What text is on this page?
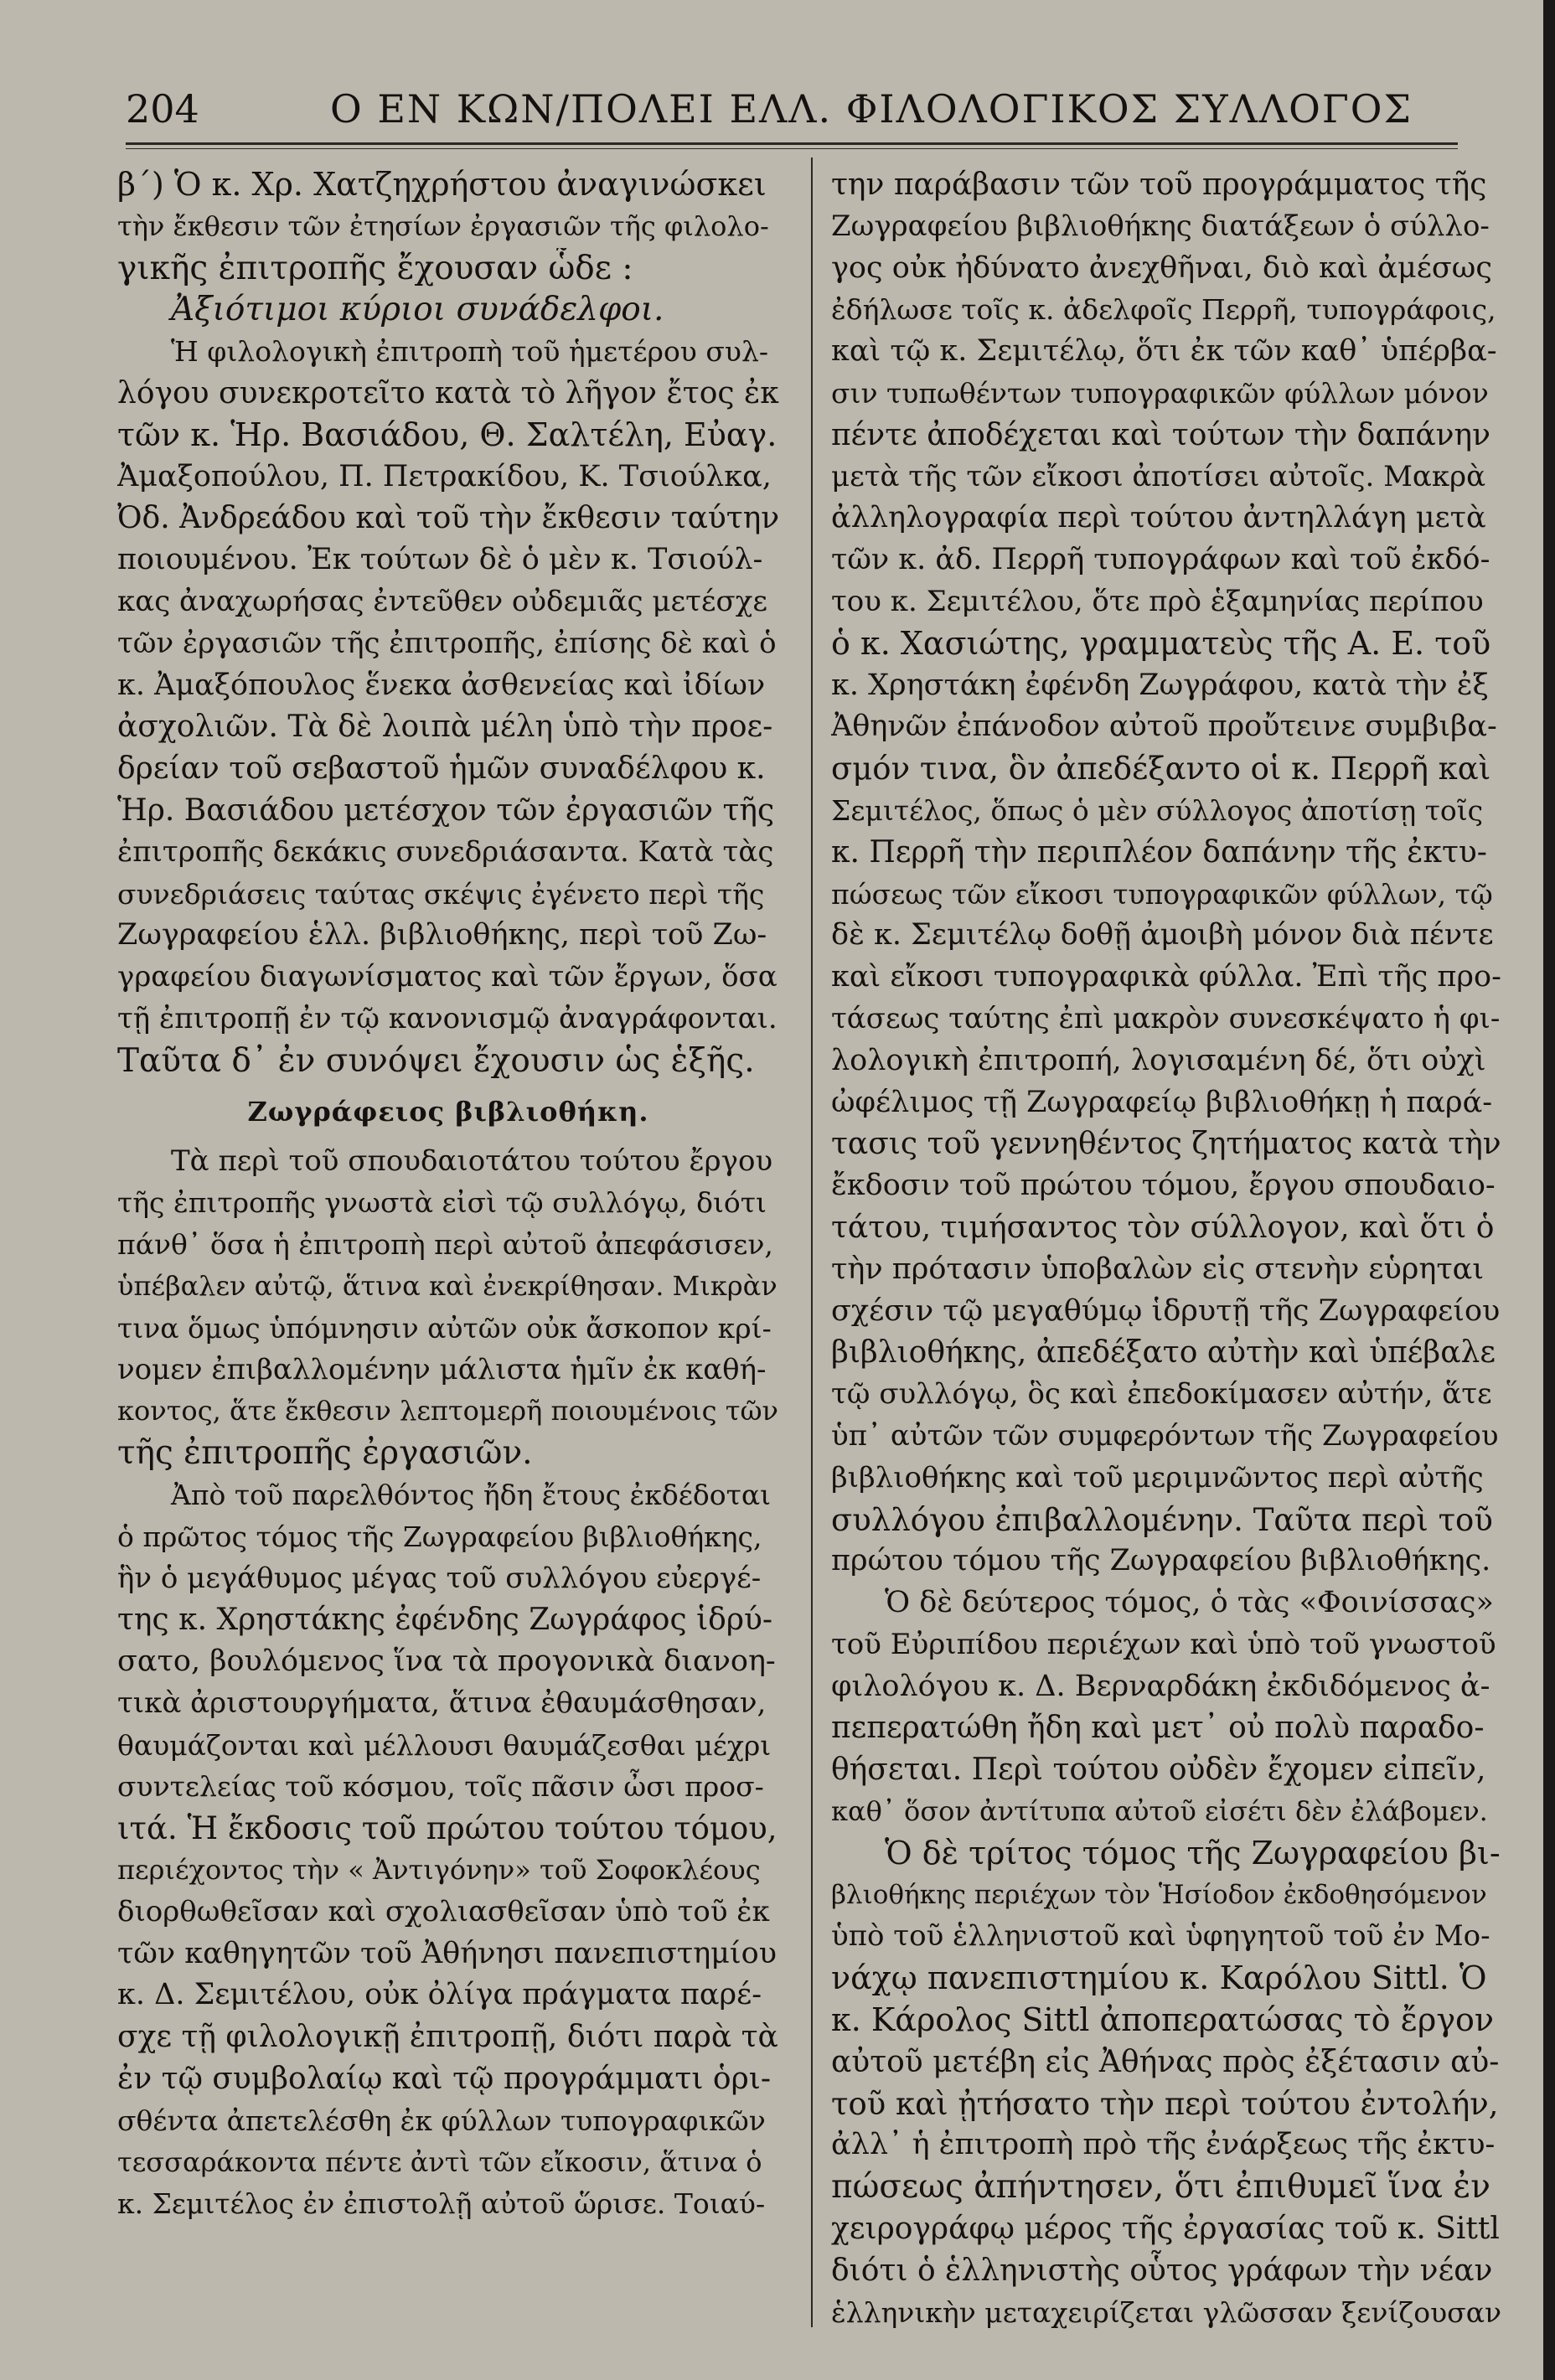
204	Ο ΕΝ ΚΩΝ/ΠΟΛΕΙ ΕΛΛ. ΦΙΛΟΛΟΓΙΚΟΣ ΣΥΛΛΟΓΟΣ
β΄) Ὁ κ. Χρ. Χατζηχρήστου ἀναγινώσκει
τὴν ἔκθεσιν τῶν ἐτησίων ἐργασιῶν τῆς φιλολο-
γικῆς ἐπιτροπῆς ἔχουσαν ὧδε :
Ἀξιότιμοι κύριοι συνάδελφοι.
Ἡ φιλολογικὴ ἐπιτροπὴ τοῦ ἡμετέρου συλ-
λόγου συνεκροτεῖτο κατὰ τὸ λῆγον ἔτος ἐκ
τῶν κ. Ἡρ. Βασιάδου, Θ. Σαλτέλη, Εὐαγ.
Ἀμαξοπούλου, Π. Πετρακίδου, Κ. Τσιούλκα,
Ὀδ. Ἀνδρεάδου καὶ τοῦ τὴν ἔκθεσιν ταύτην
ποιουμένου. Ἐκ τούτων δὲ ὁ μὲν κ. Τσιούλ-
κας ἀναχωρήσας ἐντεῦθεν οὐδεμιᾶς μετέσχε
τῶν ἐργασιῶν τῆς ἐπιτροπῆς, ἐπίσης δὲ καὶ ὁ
κ. Ἀμαξόπουλος ἕνεκα ἀσθενείας καὶ ἰδίων
ἀσχολιῶν. Τὰ δὲ λοιπὰ μέλη ὑπὸ τὴν προε-
δρείαν τοῦ σεβαστοῦ ἡμῶν συναδέλφου κ.
Ἡρ. Βασιάδου μετέσχον τῶν ἐργασιῶν τῆς
ἐπιτροπῆς δεκάκις συνεδριάσαντα. Κατὰ τὰς
συνεδριάσεις ταύτας σκέψις ἐγένετο περὶ τῆς
Ζωγραφείου ἑλλ. βιβλιοθήκης, περὶ τοῦ Ζω-
γραφείου διαγωνίσματος καὶ τῶν ἔργων, ὅσα
τῇ ἐπιτροπῇ ἐν τῷ κανονισμῷ ἀναγράφονται.
Ταῦτα δ᾽ ἐν συνόψει ἔχουσιν ὡς ἑξῆς.
Ζωγράφειος βιβλιοθήκη.
Τὰ περὶ τοῦ σπουδαιοτάτου τούτου ἔργου
τῆς ἐπιτροπῆς γνωστὰ εἰσὶ τῷ συλλόγῳ, διότι
πάνθ᾽ ὅσα ἡ ἐπιτροπὴ περὶ αὐτοῦ ἀπεφάσισεν,
ὑπέβαλεν αὐτῷ, ἅτινα καὶ ἐνεκρίθησαν. Μικρὰν
τινα ὅμως ὑπόμνησιν αὐτῶν οὐκ ἄσκοπον κρί-
νομεν ἐπιβαλλομένην μάλιστα ἡμῖν ἐκ καθή-
κοντος, ἅτε ἔκθεσιν λεπτομερῆ ποιουμένοις τῶν
τῆς ἐπιτροπῆς ἐργασιῶν.
Ἀπὸ τοῦ παρελθόντος ἤδη ἔτους ἐκδέδοται
ὁ πρῶτος τόμος τῆς Ζωγραφείου βιβλιοθήκης,
ἣν ὁ μεγάθυμος μέγας τοῦ συλλόγου εὐεργέ-
της κ. Χρηστάκης ἐφένδης Ζωγράφος ἱδρύ-
σατο, βουλόμενος ἵνα τὰ προγονικὰ διανοη-
τικὰ ἀριστουργήματα, ἅτινα ἐθαυμάσθησαν,
θαυμάζονται καὶ μέλλουσι θαυμάζεσθαι μέχρι
συντελείας τοῦ κόσμου, τοῖς πᾶσιν ὦσι προσ-
ιτά. Ἡ ἔκδοσις τοῦ πρώτου τούτου τόμου,
περιέχοντος τὴν « Ἀντιγόνην» τοῦ Σοφοκλέους
διορθωθεῖσαν καὶ σχολιασθεῖσαν ὑπὸ τοῦ ἐκ
τῶν καθηγητῶν τοῦ Ἀθήνησι πανεπιστημίου
κ. Δ. Σεμιτέλου, οὐκ ὀλίγα πράγματα παρέ-
σχε τῇ φιλολογικῇ ἐπιτροπῇ, διότι παρὰ τὰ
ἐν τῷ συμβολαίῳ καὶ τῷ προγράμματι ὁρι-
σθέντα ἀπετελέσθη ἐκ φύλλων τυπογραφικῶν
τεσσαράκοντα πέντε ἀντὶ τῶν εἴκοσιν, ἅτινα ὁ
κ. Σεμιτέλος ἐν ἐπιστολῇ αὐτοῦ ὥρισε. Τοιαύ-
την παράβασιν τῶν τοῦ προγράμματος τῆς
Ζωγραφείου βιβλιοθήκης διατάξεων ὁ σύλλο-
γος οὐκ ἠδύνατο ἀνεχθῆναι, διὸ καὶ ἀμέσως
ἐδήλωσε τοῖς κ. ἀδελφοῖς Περρῆ, τυπογράφοις,
καὶ τῷ κ. Σεμιτέλῳ, ὅτι ἐκ τῶν καθ᾽ ὑπέρβα-
σιν τυπωθέντων τυπογραφικῶν φύλλων μόνον
πέντε ἀποδέχεται καὶ τούτων τὴν δαπάνην
μετὰ τῆς τῶν εἴκοσι ἀποτίσει αὐτοῖς. Μακρὰ
ἀλληλογραφία περὶ τούτου ἀντηλλάγη μετὰ
τῶν κ. ἀδ. Περρῆ τυπογράφων καὶ τοῦ ἐκδό-
του κ. Σεμιτέλου, ὅτε πρὸ ἑξαμηνίας περίπου
ὁ κ. Χασιώτης, γραμματεὺς τῆς Α. Ε. τοῦ
κ. Χρηστάκη ἐφένδη Ζωγράφου, κατὰ τὴν ἐξ
Ἀθηνῶν ἐπάνοδον αὐτοῦ προὔτεινε συμβιβα-
σμόν τινα, ὃν ἀπεδέξαντο οἱ κ. Περρῆ καὶ
Σεμιτέλος, ὅπως ὁ μὲν σύλλογος ἀποτίσῃ τοῖς
κ. Περρῆ τὴν περιπλέον δαπάνην τῆς ἐκτυ-
πώσεως τῶν εἴκοσι τυπογραφικῶν φύλλων, τῷ
δὲ κ. Σεμιτέλῳ δοθῇ ἀμοιβὴ μόνον διὰ πέντε
καὶ εἴκοσι τυπογραφικὰ φύλλα. Ἐπὶ τῆς προ-
τάσεως ταύτης ἐπὶ μακρὸν συνεσκέψατο ἡ φι-
λολογικὴ ἐπιτροπή, λογισαμένη δέ, ὅτι οὐχὶ
ὠφέλιμος τῇ Ζωγραφείῳ βιβλιοθήκῃ ἡ παρά-
τασις τοῦ γεννηθέντος ζητήματος κατὰ τὴν
ἔκδοσιν τοῦ πρώτου τόμου, ἔργου σπουδαιο-
τάτου, τιμήσαντος τὸν σύλλογον, καὶ ὅτι ὁ
τὴν πρότασιν ὑποβαλὼν εἰς στενὴν εὑρηται
σχέσιν τῷ μεγαθύμῳ ἱδρυτῇ τῆς Ζωγραφείου
βιβλιοθήκης, ἀπεδέξατο αὐτὴν καὶ ὑπέβαλε
τῷ συλλόγῳ, ὃς καὶ ἐπεδοκίμασεν αὐτήν, ἅτε
ὑπ᾽ αὐτῶν τῶν συμφερόντων τῆς Ζωγραφείου
βιβλιοθήκης καὶ τοῦ μεριμνῶντος περὶ αὐτῆς
συλλόγου ἐπιβαλλομένην. Ταῦτα περὶ τοῦ
πρώτου τόμου τῆς Ζωγραφείου βιβλιοθήκης.
Ὁ δὲ δεύτερος τόμος, ὁ τὰς «Φοινίσσας»
τοῦ Εὐριπίδου περιέχων καὶ ὑπὸ τοῦ γνωστοῦ
φιλολόγου κ. Δ. Βερναρδάκη ἐκδιδόμενος ἀ-
πεπερατώθη ἤδη καὶ μετ᾽ οὐ πολὺ παραδο-
θήσεται. Περὶ τούτου οὐδὲν ἔχομεν εἰπεῖν,
καθ᾽ ὅσον ἀντίτυπα αὐτοῦ εἰσέτι δὲν ἐλάβομεν.
Ὁ δὲ τρίτος τόμος τῆς Ζωγραφείου βι-
βλιοθήκης περιέχων τὸν Ἡσίοδον ἐκδοθησόμενον
ὑπὸ τοῦ ἑλληνιστοῦ καὶ ὑφηγητοῦ τοῦ ἐν Μο-
νάχῳ πανεπιστημίου κ. Καρόλου Sittl. Ὁ
κ. Κάρολος Sittl ἀποπερατώσας τὸ ἔργον
αὐτοῦ μετέβη εἰς Ἀθήνας πρὸς ἐξέτασιν αὐ-
τοῦ καὶ ᾐτήσατο τὴν περὶ τούτου ἐντολήν,
ἀλλ᾽ ἡ ἐπιτροπὴ πρὸ τῆς ἐνάρξεως τῆς ἐκτυ-
πώσεως ἀπήντησεν, ὅτι ἐπιθυμεῖ ἵνα ἐν
χειρογράφῳ μέρος τῆς ἐργασίας τοῦ κ. Sittl
διότι ὁ ἑλληνιστὴς οὗτος γράφων τὴν νέαν
ἑλληνικὴν μεταχειρίζεται γλῶσσαν ξενίζουσαν
